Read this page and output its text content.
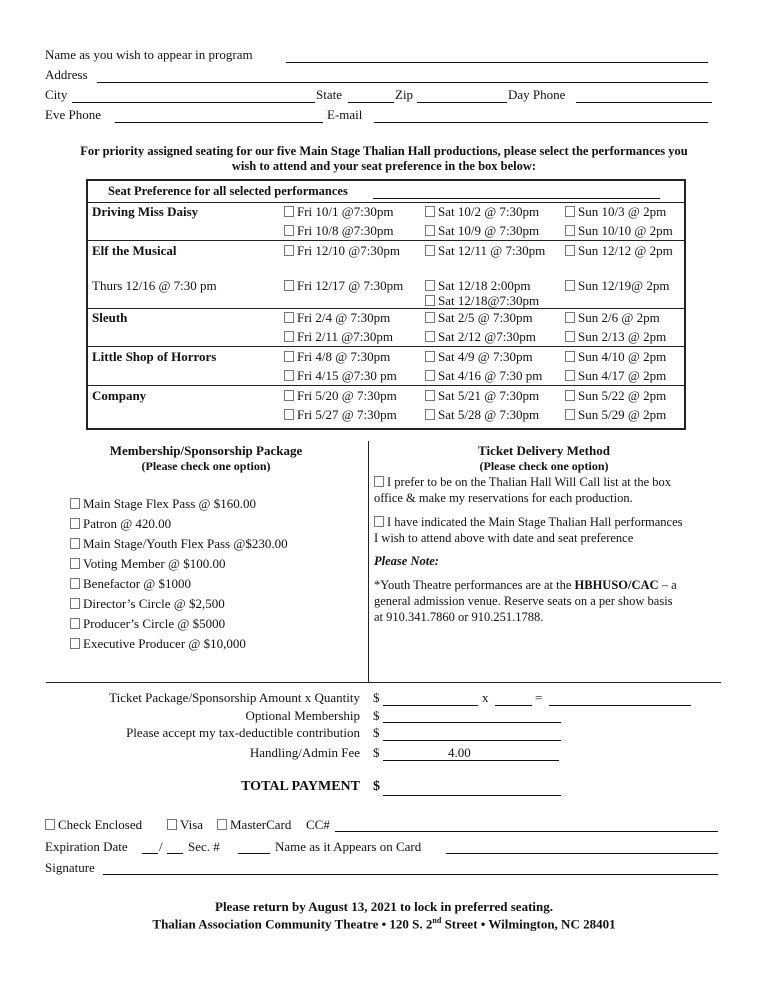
Name as you wish to appear in program
Address
City	State	Zip	Day Phone
Eve Phone	E-mail
For priority assigned seating for our five Main Stage Thalian Hall productions, please select the performances you
wish to attend and your seat preference in the box below:
Seat Preference for all selected performances
Driving Miss Daisy	Fri 10/1 @7:30pm	Sat 10/2 @ 7:30pm	Sun 10/3 @ 2pm
Fri 10/8 @7:30pm	Sat 10/9 @ 7:30pm	Sun 10/10 @ 2pm
Elf the Musical	Fri 12/10 @7:30pm	Sat 12/11 @ 7:30pm	Sun 12/12 @ 2pm
Thurs 12/16 @ 7:30 pm	Fri 12/17 @ 7:30pm	Sat 12/18 2:00pm	Sun 12/19@ 2pm
Sat 12/18@7:30pm
Sleuth	Fri 2/4 @ 7:30pm	Sat 2/5 @ 7:30pm	Sun 2/6 @ 2pm
Fri 2/11 @7:30pm	Sat 2/12 @7:30pm	Sun 2/13 @ 2pm
Little Shop of Horrors	Fri 4/8 @ 7:30pm	Sat 4/9 @ 7:30pm	Sun 4/10 @ 2pm
Fri 4/15 @7:30 pm	Sat 4/16 @ 7:30 pm	Sun 4/17 @ 2pm
Company	Fri 5/20 @ 7:30pm	Sat 5/21 @ 7:30pm	Sun 5/22 @ 2pm
Fri 5/27 @ 7:30pm	Sat 5/28 @ 7:30pm	Sun 5/29 @ 2pm
Membership/Sponsorship Package
(Please check one option)
Main Stage Flex Pass @ $160.00
Patron @ 420.00
Main Stage/Youth Flex Pass @$230.00
Voting Member @ $100.00
Benefactor @ $1000
Director’s Circle @ $2,500
Producer’s Circle @ $5000
Executive Producer @ $10,000
Ticket Delivery Method
(Please check one option)
I prefer to be on the Thalian Hall Will Call list at the box
office & make my reservations for each production.
I have indicated the Main Stage Thalian Hall performances
I wish to attend above with date and seat preference
Please Note:
*Youth Theatre performances are at the HBHUSO/CAC – a
general admission venue. Reserve seats on a per show basis
at 910.341.7860 or 910.251.1788.
Ticket Package/Sponsorship Amount x Quantity $	x	=
Optional Membership $
Please accept my tax-deductible contribution $
Handling/Admin Fee $	4.00
TOTAL PAYMENT $
Check Enclosed	Visa	MasterCard CC#
Expiration Date / Sec. #	Name as it Appears on Card
Signature
Please return by August 13, 2021 to lock in preferred seating.
Thalian Association Community Theatre • 120 S. 2nd Street • Wilmington, NC 28401
